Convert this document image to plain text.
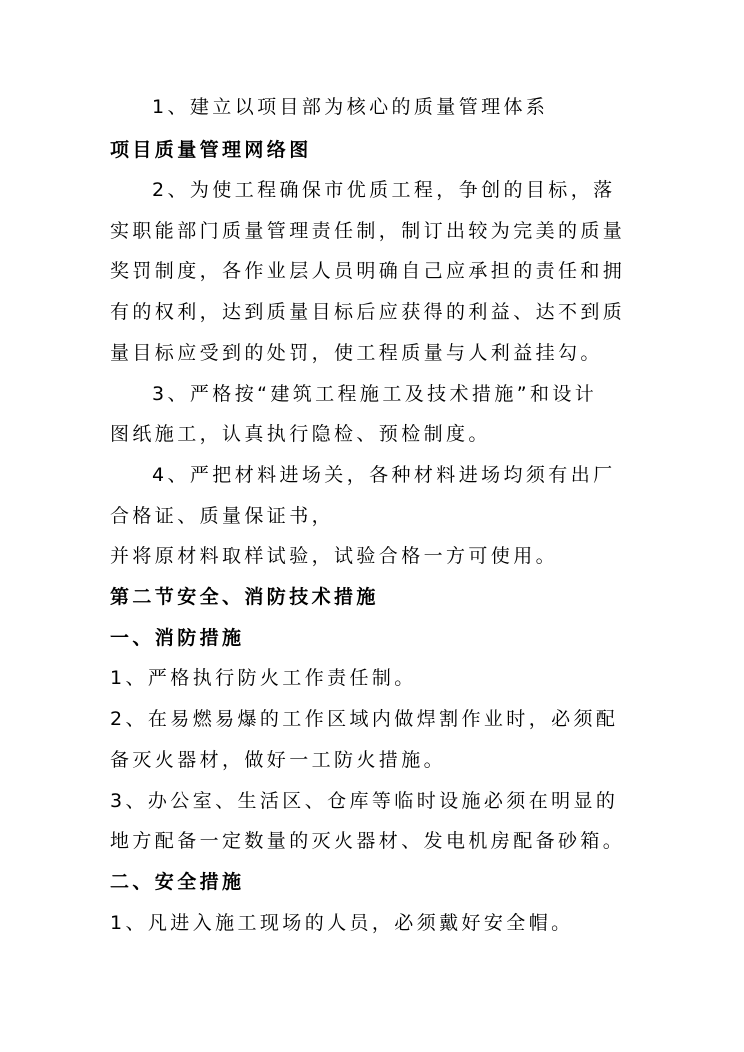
1、建立以项目部为核心的质量管理体系
项目质量管理网络图
2、为使工程确保市优质工程，争创的目标，落
实职能部门质量管理责任制，制订出较为完美的质量
奖罚制度，各作业层人员明确自己应承担的责任和拥
有的权利，达到质量目标后应获得的利益、达不到质
量目标应受到的处罚，使工程质量与人利益挂勾。
3、严格按“建筑工程施工及技术措施”和设计
图纸施工，认真执行隐检、预检制度。
4、严把材料进场关，各种材料进场均须有出厂
合格证、质量保证书，
并将原材料取样试验，试验合格一方可使用。
第二节安全、消防技术措施
一、消防措施
1、严格执行防火工作责任制。
2、在易燃易爆的工作区域内做焊割作业时，必须配
备灭火器材，做好一工防火措施。
3、办公室、生活区、仓库等临时设施必须在明显的
地方配备一定数量的灭火器材、发电机房配备砂箱。
二、安全措施
1、凡进入施工现场的人员，必须戴好安全帽。
